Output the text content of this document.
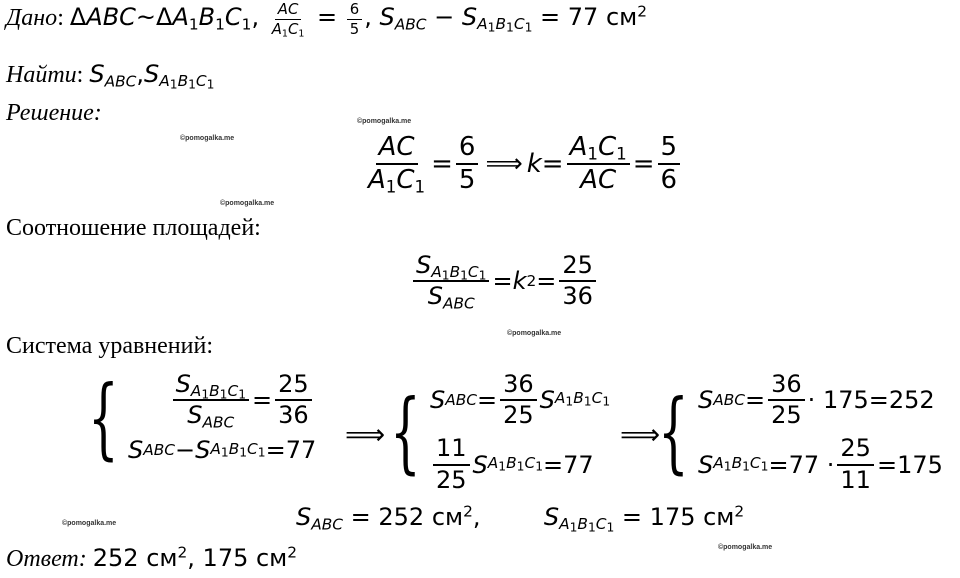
Дано: $\Delta ABC\sim\Delta A_1B_1C_1$, $\frac{AC}{A_1C_1} = \frac{6}{5}$ , $S_{ABC} - S_{A_1B_1C_1} = 77$ $см^2$
Найти: $S_{ABC},S_{A_1B_1C_1}$
Решение:
©pomogalka.me
©pomogalka.me
©pomogalka.me
©pomogalka.me
©pomogalka.me
©pomogalka.me
$\frac{AC}{A_1C_1} = \frac{6}{5}$ ⟹ $k = \frac{A_1C_1}{AC} = \frac{5}{6}$
Соотношение площадей:
$\frac{S_{A_1B_1C_1}}{S_{ABC}} = k$ $2 = \frac{25}{36}$
Система уравнений:
{ $\frac{S_{A_1B_1C_1}}{S_{ABC}} = \frac{25}{36}$
S ABC − S $A_1B_1C_1 = 77$ ⟹ { S ABC = $\frac{36}{25}$ S $A_1B_1C_1$
$\frac{11}{25}$ S $A_1B_1C_1 = 77$
⟹
{ S ABC = $\frac{36}{25}$ ·
175 = 252
S $A_1B_1C_1 = 77$
· $\frac{25}{11} = 175$
$S_{ABC} = 252$ $см^2$,  $S_{A_1B_1C_1} = 175$ $см^2$
Ответ: 252 $см^2$, 175 $см^2$
